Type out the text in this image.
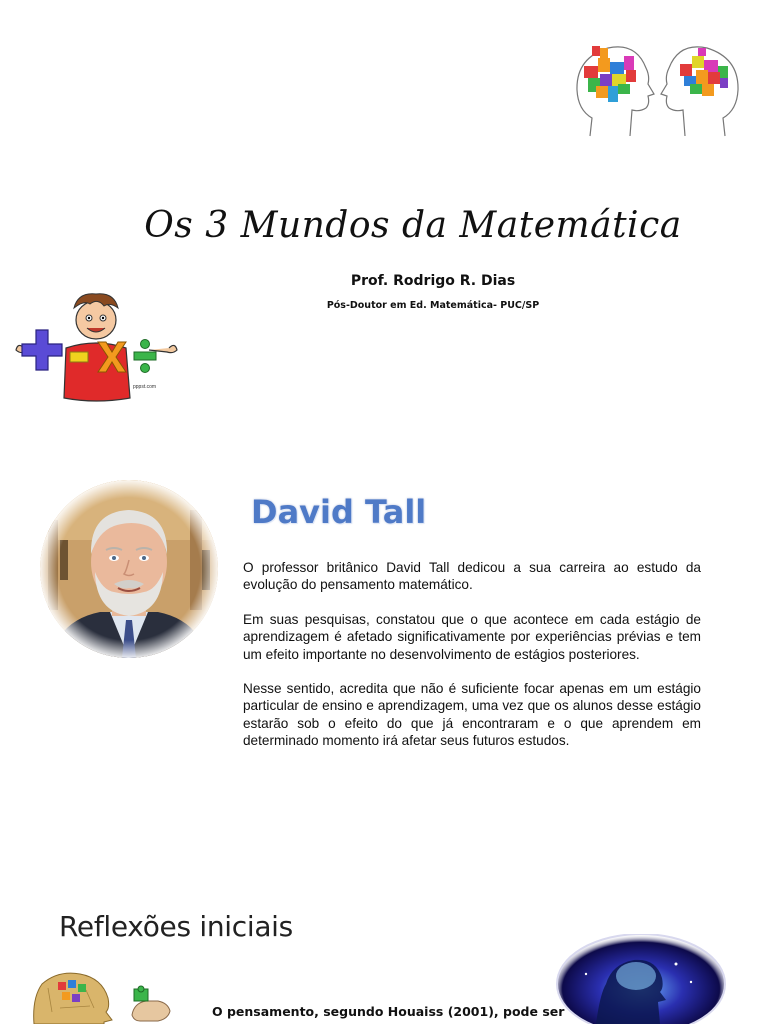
Os 3 Mundos da Matemática
Prof. Rodrigo R. Dias
Pós-Doutor em Ed. Matemática- PUC/SP
pppst.com
David Tall

O professor britânico David Tall dedicou a sua carreira ao estudo da evolução do pensamento matemático.

Em suas pesquisas, constatou que o que acontece em cada estágio de aprendizagem é afetado significativamente por experiências prévias e tem um efeito importante no desenvolvimento de estágios posteriores.

Nesse sentido, acredita que não é suficiente focar apenas em um estágio particular de ensino e aprendizagem, uma vez que os alunos desse estágio estarão sob o efeito do que já encontraram e o que aprendem em determinado momento irá afetar seus futuros estudos.

Reflexões iniciais
O pensamento, segundo Houaiss (2001), pode ser
